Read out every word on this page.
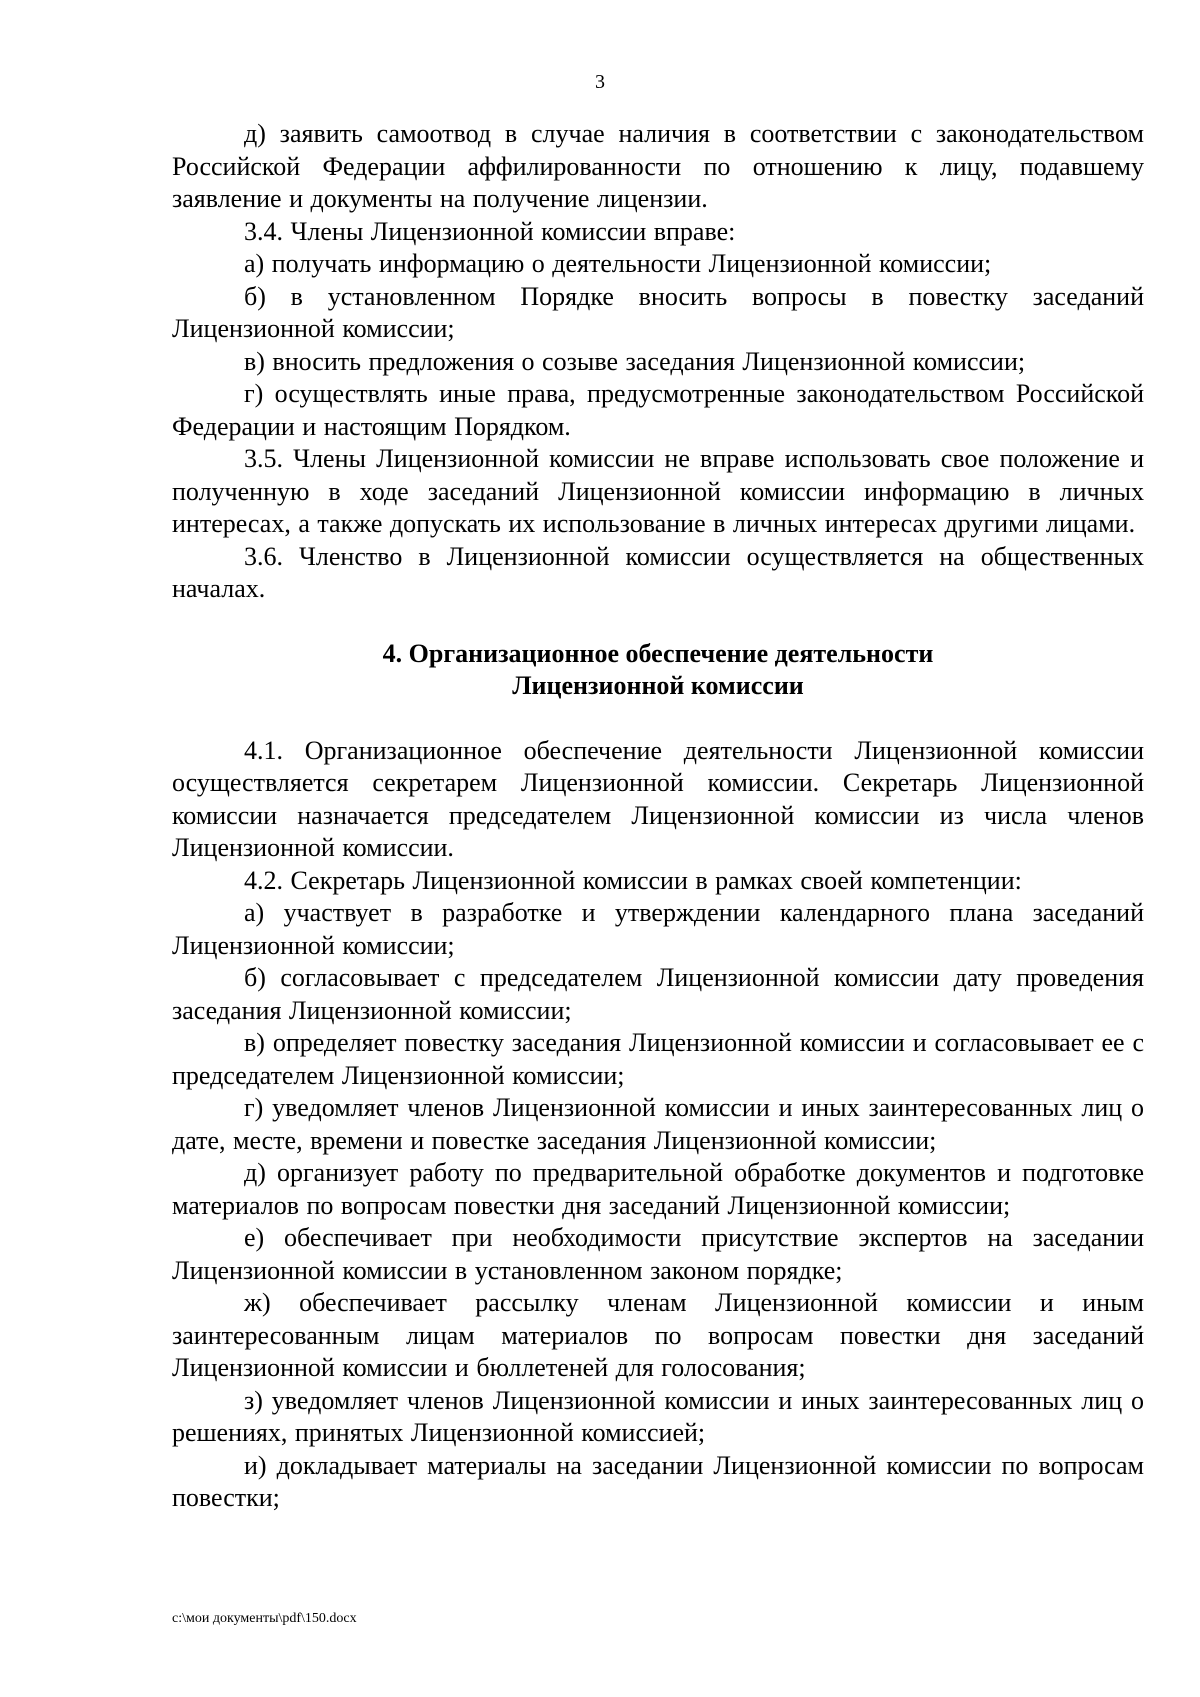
3

д) заявить самоотвод в случае наличия в соответствии с законодательством Российской Федерации аффилированности по отношению к лицу, подавшему заявление и документы на получение лицензии.

3.4. Члены Лицензионной комиссии вправе:

а) получать информацию о деятельности Лицензионной комиссии;

б) в установленном Порядке вносить вопросы в повестку заседаний Лицензионной комиссии;

в) вносить предложения о созыве заседания Лицензионной комиссии;

г) осуществлять иные права, предусмотренные законодательством Российской Федерации и настоящим Порядком.

3.5. Члены Лицензионной комиссии не вправе использовать свое положение и полученную в ходе заседаний Лицензионной комиссии информацию в личных интересах, а также допускать их использование в личных интересах другими лицами.

3.6. Членство в Лицензионной комиссии осуществляется на общественных началах.

4. Организационное обеспечение деятельности
Лицензионной комиссии

4.1. Организационное обеспечение деятельности Лицензионной комиссии осуществляется секретарем Лицензионной комиссии. Секретарь Лицензионной комиссии назначается председателем Лицензионной комиссии из числа членов Лицензионной комиссии.

4.2. Секретарь Лицензионной комиссии в рамках своей компетенции:

а) участвует в разработке и утверждении календарного плана заседаний Лицензионной комиссии;

б) согласовывает с председателем Лицензионной комиссии дату проведения заседания Лицензионной комиссии;

в) определяет повестку заседания Лицензионной комиссии и согласовывает ее с председателем Лицензионной комиссии;

г) уведомляет членов Лицензионной комиссии и иных заинтересованных лиц о дате, месте, времени и повестке заседания Лицензионной комиссии;

д) организует работу по предварительной обработке документов и подготовке материалов по вопросам повестки дня заседаний Лицензионной комиссии;

е) обеспечивает при необходимости присутствие экспертов на заседании Лицензионной комиссии в установленном законом порядке;

ж) обеспечивает рассылку членам Лицензионной комиссии и иным заинтересованным лицам материалов по вопросам повестки дня заседаний Лицензионной комиссии и бюллетеней для голосования;

з) уведомляет членов Лицензионной комиссии и иных заинтересованных лиц о решениях, принятых Лицензионной комиссией;

и) докладывает материалы на заседании Лицензионной комиссии по вопросам повестки;

c:\мои документы\pdf\150.docx
